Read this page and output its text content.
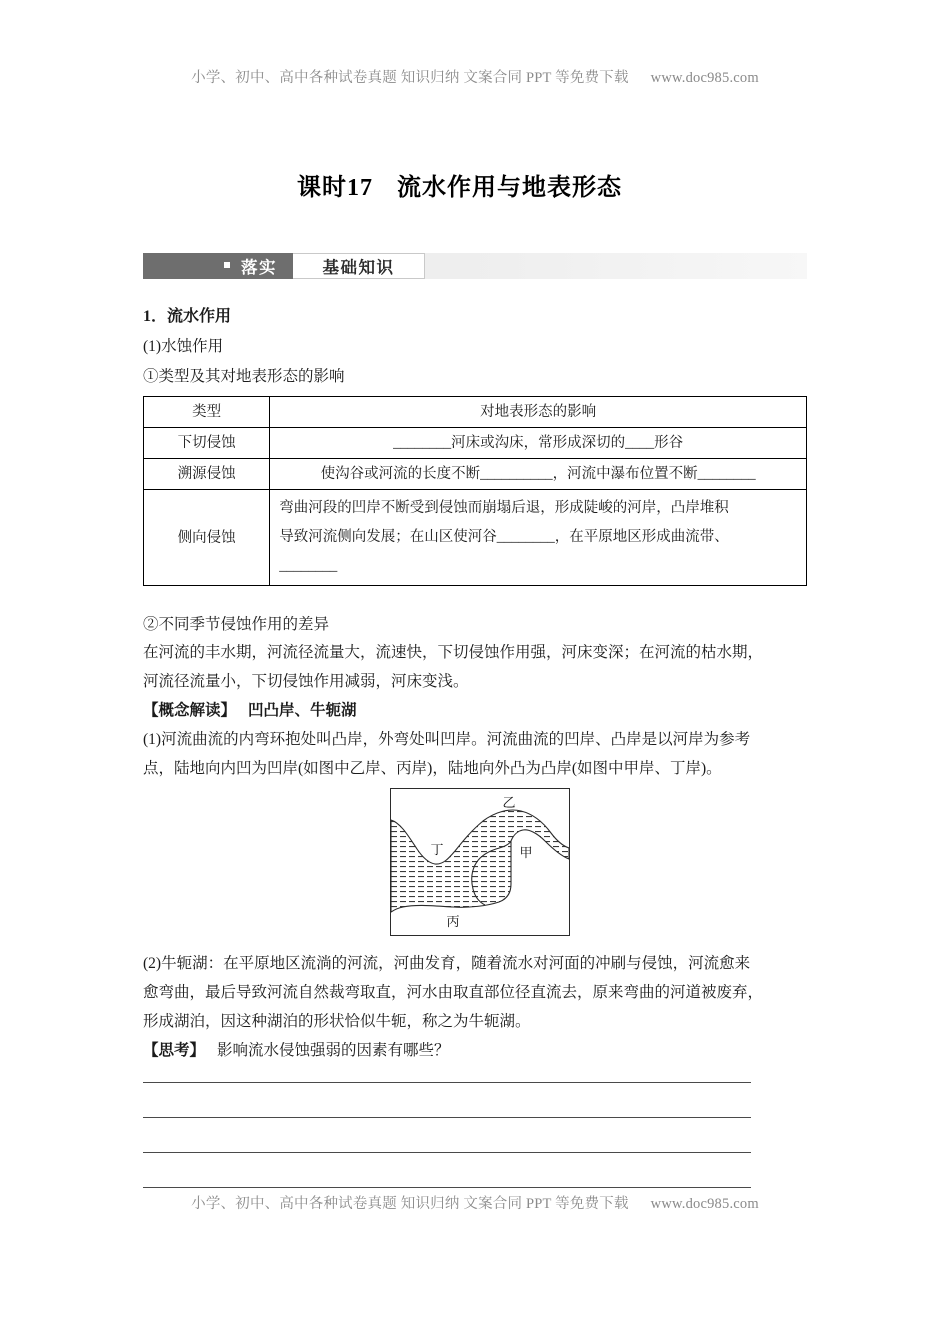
小学、初中、高中各种试卷真题 知识归纳 文案合同 PPT 等免费下载 www.doc985.com
课时17 流水作用与地表形态
落实	基础知识
1．流水作用
(1)水蚀作用
①类型及其对地表形态的影响
类型	对地表形态的影响
下切侵蚀	________河床或沟床，常形成深切的____形谷
溯源侵蚀	使沟谷或河流的长度不断__________，河流中瀑布位置不断________
侧向侵蚀	弯曲河段的凹岸不断受到侵蚀而崩塌后退，形成陡峻的河岸，凸岸堆积
导致河流侧向发展；在山区使河谷________，在平原地区形成曲流带、
________
②不同季节侵蚀作用的差异
在河流的丰水期，河流径流量大，流速快，下切侵蚀作用强，河床变深；在河流的枯水期，
河流径流量小，下切侵蚀作用减弱，河床变浅。
【概念解读】 凹凸岸、牛轭湖
(1)河流曲流的内弯环抱处叫凸岸，外弯处叫凹岸。河流曲流的凹岸、凸岸是以河岸为参考
点，陆地向内凹为凹岸(如图中乙岸、丙岸)，陆地向外凸为凸岸(如图中甲岸、丁岸)。
乙
丁	甲
丙
(2)牛轭湖：在平原地区流淌的河流，河曲发育，随着流水对河面的冲刷与侵蚀，河流愈来
愈弯曲，最后导致河流自然裁弯取直，河水由取直部位径直流去，原来弯曲的河道被废弃，
形成湖泊，因这种湖泊的形状恰似牛轭，称之为牛轭湖。
【思考】 影响流水侵蚀强弱的因素有哪些？
小学、初中、高中各种试卷真题 知识归纳 文案合同 PPT 等免费下载 www.doc985.com
